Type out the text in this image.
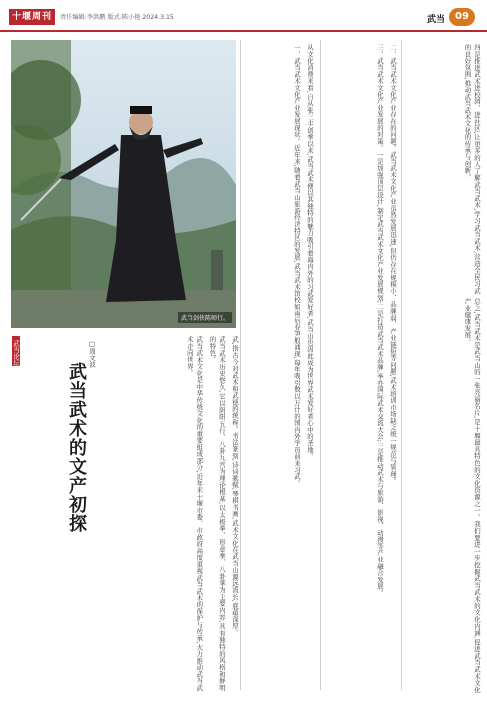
十堰周刊	责任编辑:李洪鹏 版式:陈小艳 2024.3.15	武当	09
武当剑侠陈师行。
武当论坛
武当武术的文产初探
□周文波	从文化消费来看,自从张三丰创拳以来,武当武术便以其独特的魅力吸引着海内外的习武爱好者,武当山也因此成为世界武术爱好者心中的圣地。

一、武当武术文化产业发展现状。近年来,随着武当山旅游经济特区的发展,武当武术馆校如雨后春笋般涌现,每年吸引数以万计的国内外学员前来习武。	二、武当武术文化产业存在的问题。武当武术文化产业虽然发展迅速,但仍存在规模小、品牌弱、产业链短等问题,武术培训市场缺乏统一规范与管理。

三、武当武术文化产业发展的对策。一是加强顶层设计,制定武当武术文化产业发展规划;二是打造武当武术品牌,举办国际武术交流大会;三是推动武术与旅游、影视、动漫等产业融合发展。	四是推进武术进校园、进社区,让更多的人了解武当武术,学习武当武术,营造全民习武的良好氛围,推动武当武术文化的传承与创新。

总之,武当武术是武当山的一张亮丽名片,是十堰最具特色的文化资源之一。我们要进一步挖掘武当武术的文化内涵,促进武当武术文化产业健康发展。

武,指古今对武术和武德的统称。书法篆刻,诗词歌赋,琴棋书画,武术文化在武当山源远流长,底蕴深厚。

武当武术历史悠久,它以阴阳五行、八卦九宫为理论根基,以太极拳、形意拳、八卦掌为主要内容,具有独特的风格和鲜明的特色。

武当武术文化是中华传统文化的重要组成部分,近年来十堰市委、市政府高度重视武当武术的保护与传承,大力推动武当武术走向世界。
